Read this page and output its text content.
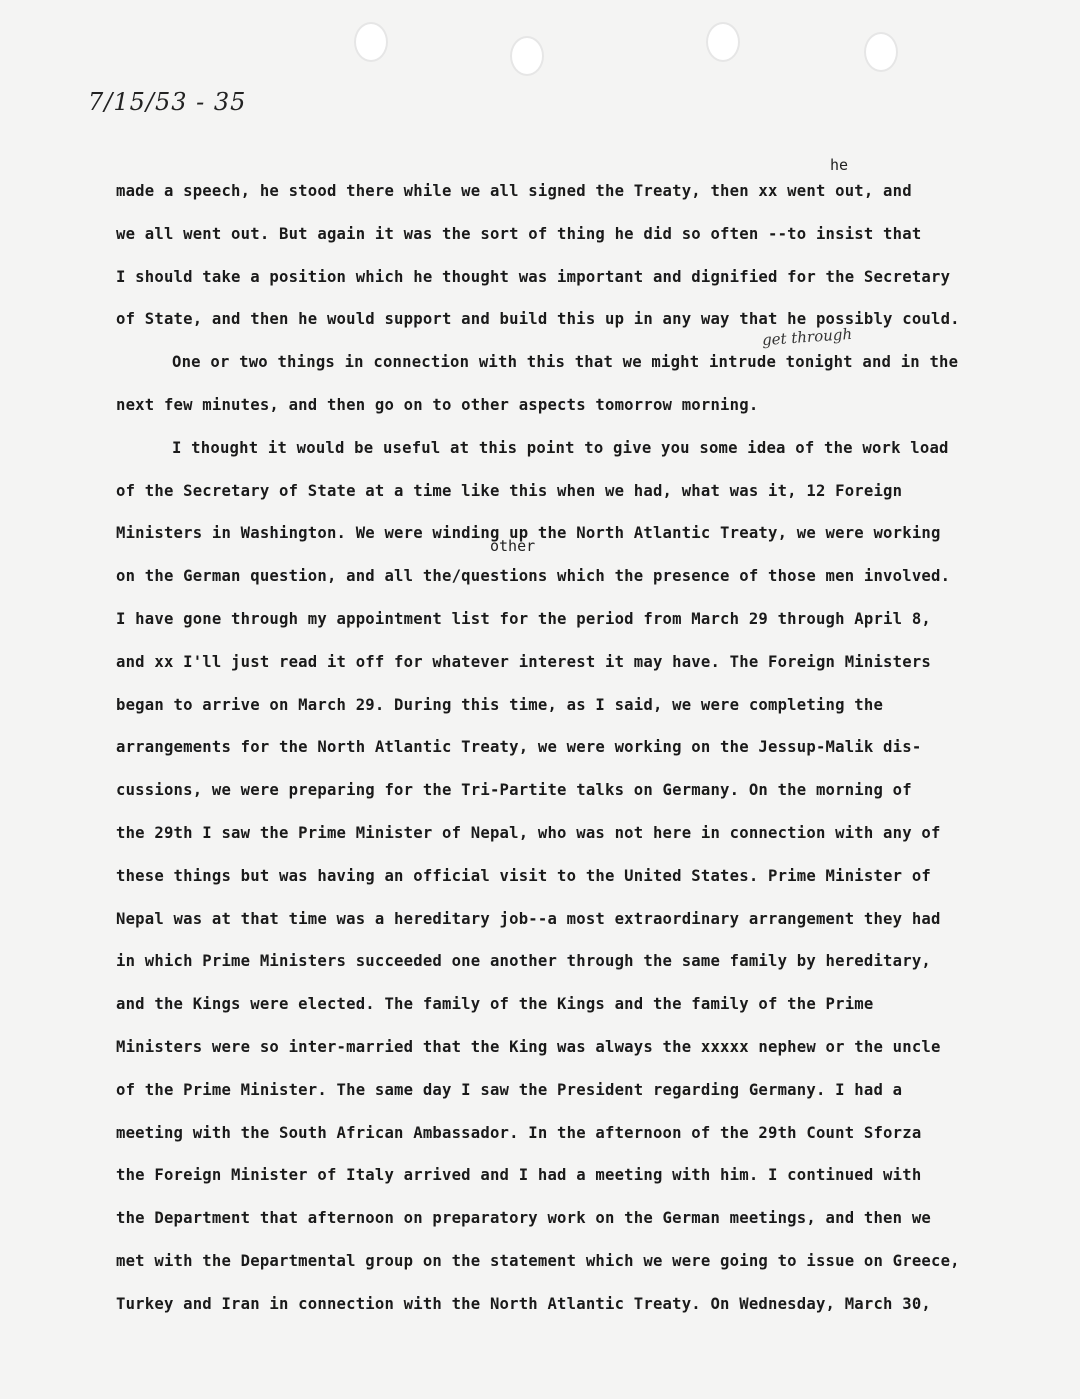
7/15/53 - 35
he
get through
other
made a speech, he stood there while we all signed the Treaty, then xx went out, and
we all went out. But again it was the sort of thing he did so often --to insist that
I should take a position which he thought was important and dignified for the Secretary
of State, and then he would support and build this up in any way that he possibly could.
One or two things in connection with this that we might intrude tonight and in the
next few minutes, and then go on to other aspects tomorrow morning.
I thought it would be useful at this point to give you some idea of the work load
of the Secretary of State at a time like this when we had, what was it, 12 Foreign
Ministers in Washington. We were winding up the North Atlantic Treaty, we were working
on the German question, and all the/questions which the presence of those men involved.
I have gone through my appointment list for the period from March 29 through April 8,
and xx I'll just read it off for whatever interest it may have. The Foreign Ministers
began to arrive on March 29. During this time, as I said, we were completing the
arrangements for the North Atlantic Treaty, we were working on the Jessup-Malik dis-
cussions, we were preparing for the Tri-Partite talks on Germany. On the morning of
the 29th I saw the Prime Minister of Nepal, who was not here in connection with any of
these things but was having an official visit to the United States. Prime Minister of
Nepal was at that time was a hereditary job--a most extraordinary arrangement they had
in which Prime Ministers succeeded one another through the same family by hereditary,
and the Kings were elected. The family of the Kings and the family of the Prime
Ministers were so inter-married that the King was always the xxxxx nephew or the uncle
of the Prime Minister. The same day I saw the President regarding Germany. I had a
meeting with the South African Ambassador. In the afternoon of the 29th Count Sforza
the Foreign Minister of Italy arrived and I had a meeting with him. I continued with
the Department that afternoon on preparatory work on the German meetings, and then we
met with the Departmental group on the statement which we were going to issue on Greece,
Turkey and Iran in connection with the North Atlantic Treaty. On Wednesday, March 30,
